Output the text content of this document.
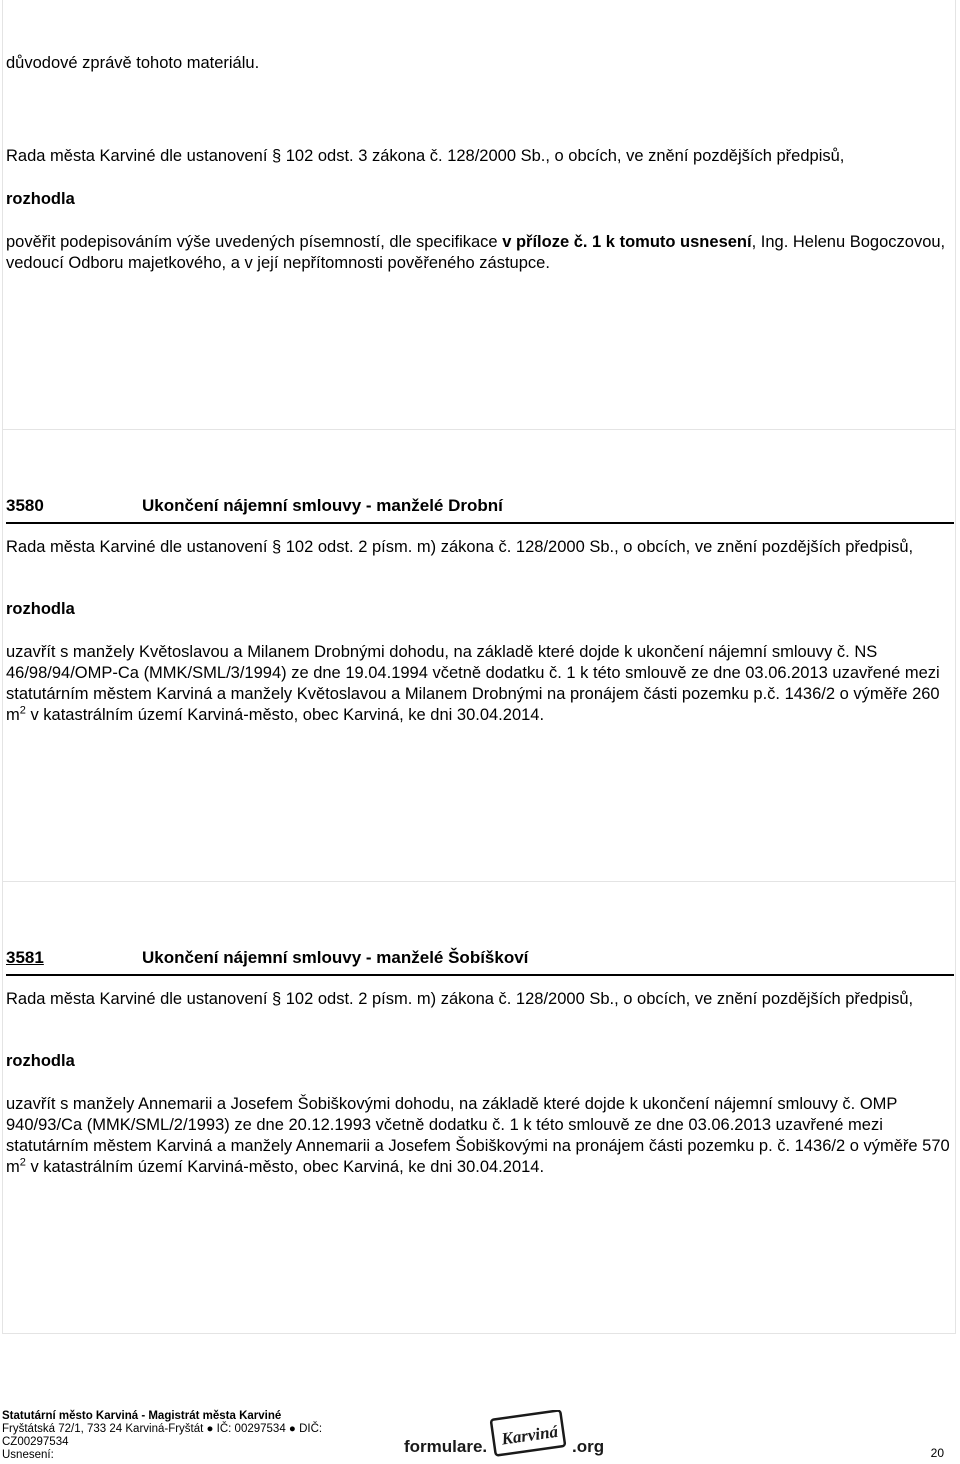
důvodové zprávě tohoto materiálu.

Rada města Karviné dle ustanovení § 102 odst. 3 zákona č. 128/2000 Sb., o obcích, ve znění pozdějších předpisů,

rozhodla

pověřit podepisováním výše uvedených písemností, dle specifikace v příloze č. 1 k tomuto usnesení, Ing. Helenu Bogoczovou, vedoucí Odboru majetkového, a v její nepřítomnosti pověřeného zástupce.

3580	Ukončení nájemní smlouvy - manželé Drobní

Rada města Karviné dle ustanovení § 102 odst. 2 písm. m) zákona č. 128/2000 Sb., o obcích, ve znění pozdějších předpisů,

rozhodla

uzavřít s manžely Květoslavou a Milanem Drobnými dohodu, na základě které dojde k ukončení nájemní smlouvy č. NS 46/98/94/OMP-Ca (MMK/SML/3/1994) ze dne 19.04.1994 včetně dodatku č. 1 k této smlouvě ze dne 03.06.2013 uzavřené mezi statutárním městem Karviná a manžely Květoslavou a Milanem Drobnými na pronájem části pozemku p.č. 1436/2 o výměře 260 $m^2$ v katastrálním území Karviná-město, obec Karviná, ke dni 30.04.2014.

3581	Ukončení nájemní smlouvy - manželé Šobíškoví

Rada města Karviné dle ustanovení § 102 odst. 2 písm. m) zákona č. 128/2000 Sb., o obcích, ve znění pozdějších předpisů,

rozhodla

uzavřít s manžely Annemarii a Josefem Šobiškovými dohodu, na základě které dojde k ukončení nájemní smlouvy č. OMP 940/93/Ca (MMK/SML/2/1993) ze dne 20.12.1993 včetně dodatku č. 1 k této smlouvě ze dne 03.06.2013 uzavřené mezi statutárním městem Karviná a manžely Annemarii a Josefem Šobiškovými na pronájem části pozemku p. č. 1436/2 o výměře 570 $m^2$ v katastrálním území Karviná-město, obec Karviná, ke dni 30.04.2014.

Statutární město Karviná - Magistrát města Karviné
Fryštátská 72/1, 733 24 Karviná-Fryštát ● IČ: 00297534 ● DIČ:
CZ00297534
Usnesení:	formulare. Karviná .org	20
